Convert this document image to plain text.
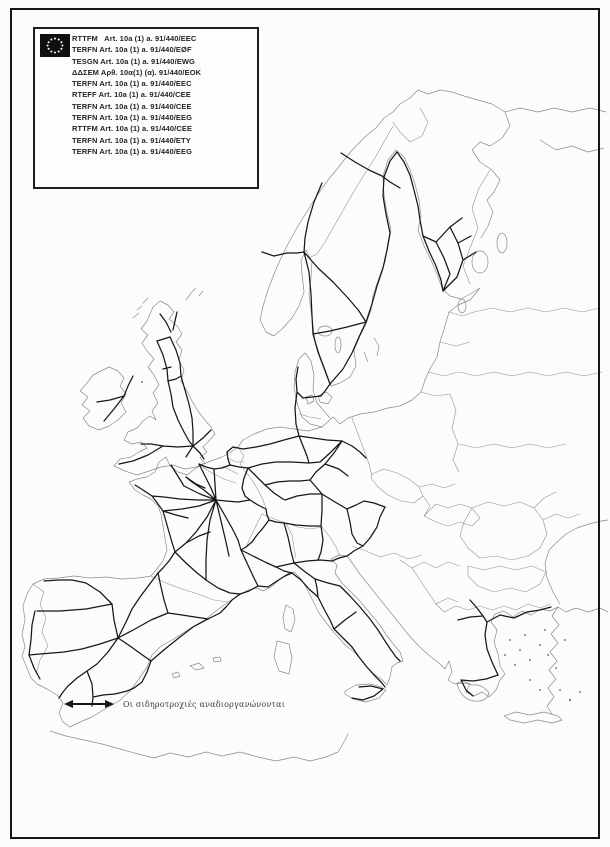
RTTFM   Art. 10a (1) a. 91/440/EEC
TERFN Art. 10a (1) a. 91/440/EØF
TESGN Art. 10a (1) a. 91/440/EWG
ΔΔΣΕΜ Αρθ. 10α(1) (α). 91/440/ΕΟΚ
TERFN Art. 10a (1) a. 91/440/EEC
RTEFF Art. 10a (1) a. 91/440/CEE
TERFN Art. 10a (1) a. 91/440/CEE
TERFN Art. 10a (1) a. 91/440/EEG
RTTFM Art. 10a (1) a. 91/440/CEE
TERFN Art. 10a (1) a. 91/440/ETY
TERFN Art. 10a (1) a. 91/440/EEG
Οι σιδηροτροχιές αναδιοργανώνονται
